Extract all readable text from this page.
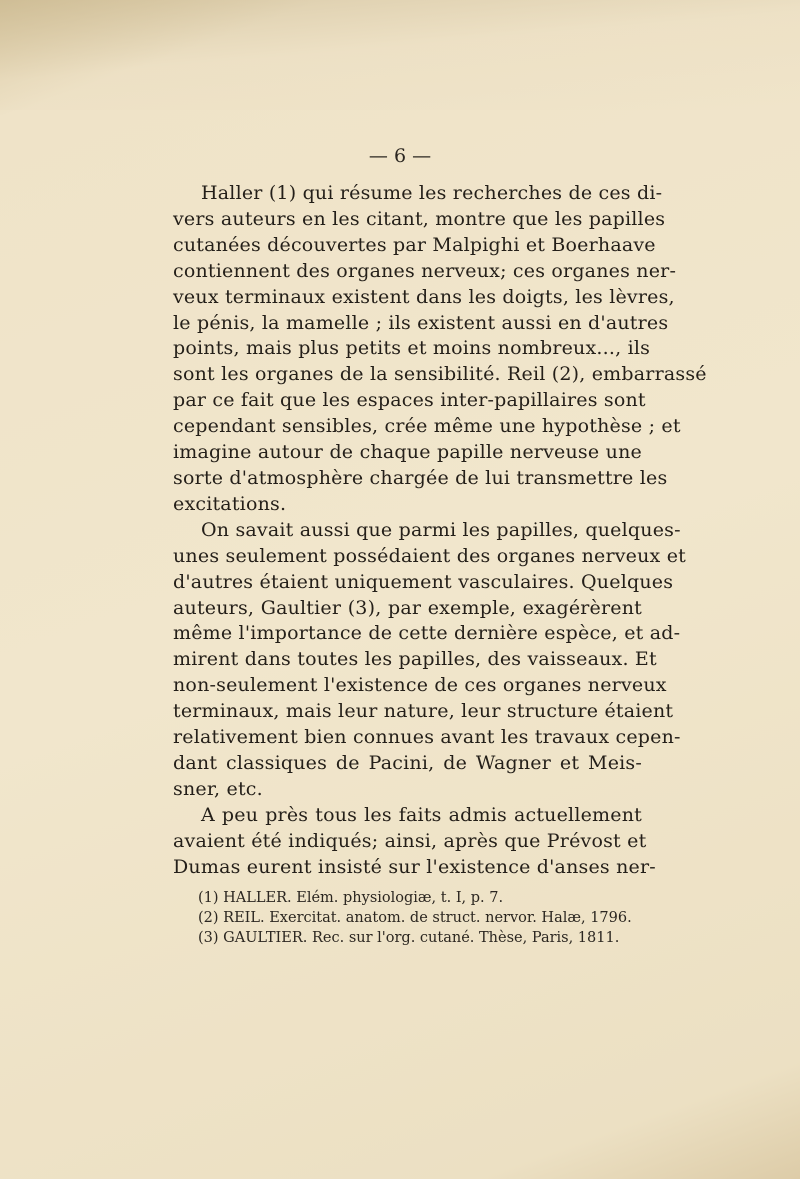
— 6 —
Haller (1) qui résume les recherches de ces di-
vers auteurs en les citant, montre que les papilles
cutanées découvertes par Malpighi et Boerhaave
contiennent des organes nerveux; ces organes ner-
veux terminaux existent dans les doigts, les lèvres,
le pénis, la mamelle ; ils existent aussi en d'autres
points, mais plus petits et moins nombreux..., ils
sont les organes de la sensibilité. Reil (2), embarrassé
par ce fait que les espaces inter-papillaires sont
cependant sensibles, crée même une hypothèse ; et
imagine autour de chaque papille nerveuse une
sorte d'atmosphère chargée de lui transmettre les
excitations.
On savait aussi que parmi les papilles, quelques-
unes seulement possédaient des organes nerveux et
d'autres étaient uniquement vasculaires. Quelques
auteurs, Gaultier (3), par exemple, exagérèrent
même l'importance de cette dernière espèce, et ad-
mirent dans toutes les papilles, des vaisseaux. Et
non-seulement l'existence de ces organes nerveux
terminaux, mais leur nature, leur structure étaient
relativement bien connues avant les travaux cepen-
dant classiques de Pacini, de Wagner et Meis-
sner, etc.
A peu près tous les faits admis actuellement
avaient été indiqués; ainsi, après que Prévost et
Dumas eurent insisté sur l'existence d'anses ner-
(1) HALLER. Elém. physiologiæ, t. I, p. 7.
(2) REIL. Exercitat. anatom. de struct. nervor. Halæ, 1796.
(3) GAULTIER. Rec. sur l'org. cutané. Thèse, Paris, 1811.
